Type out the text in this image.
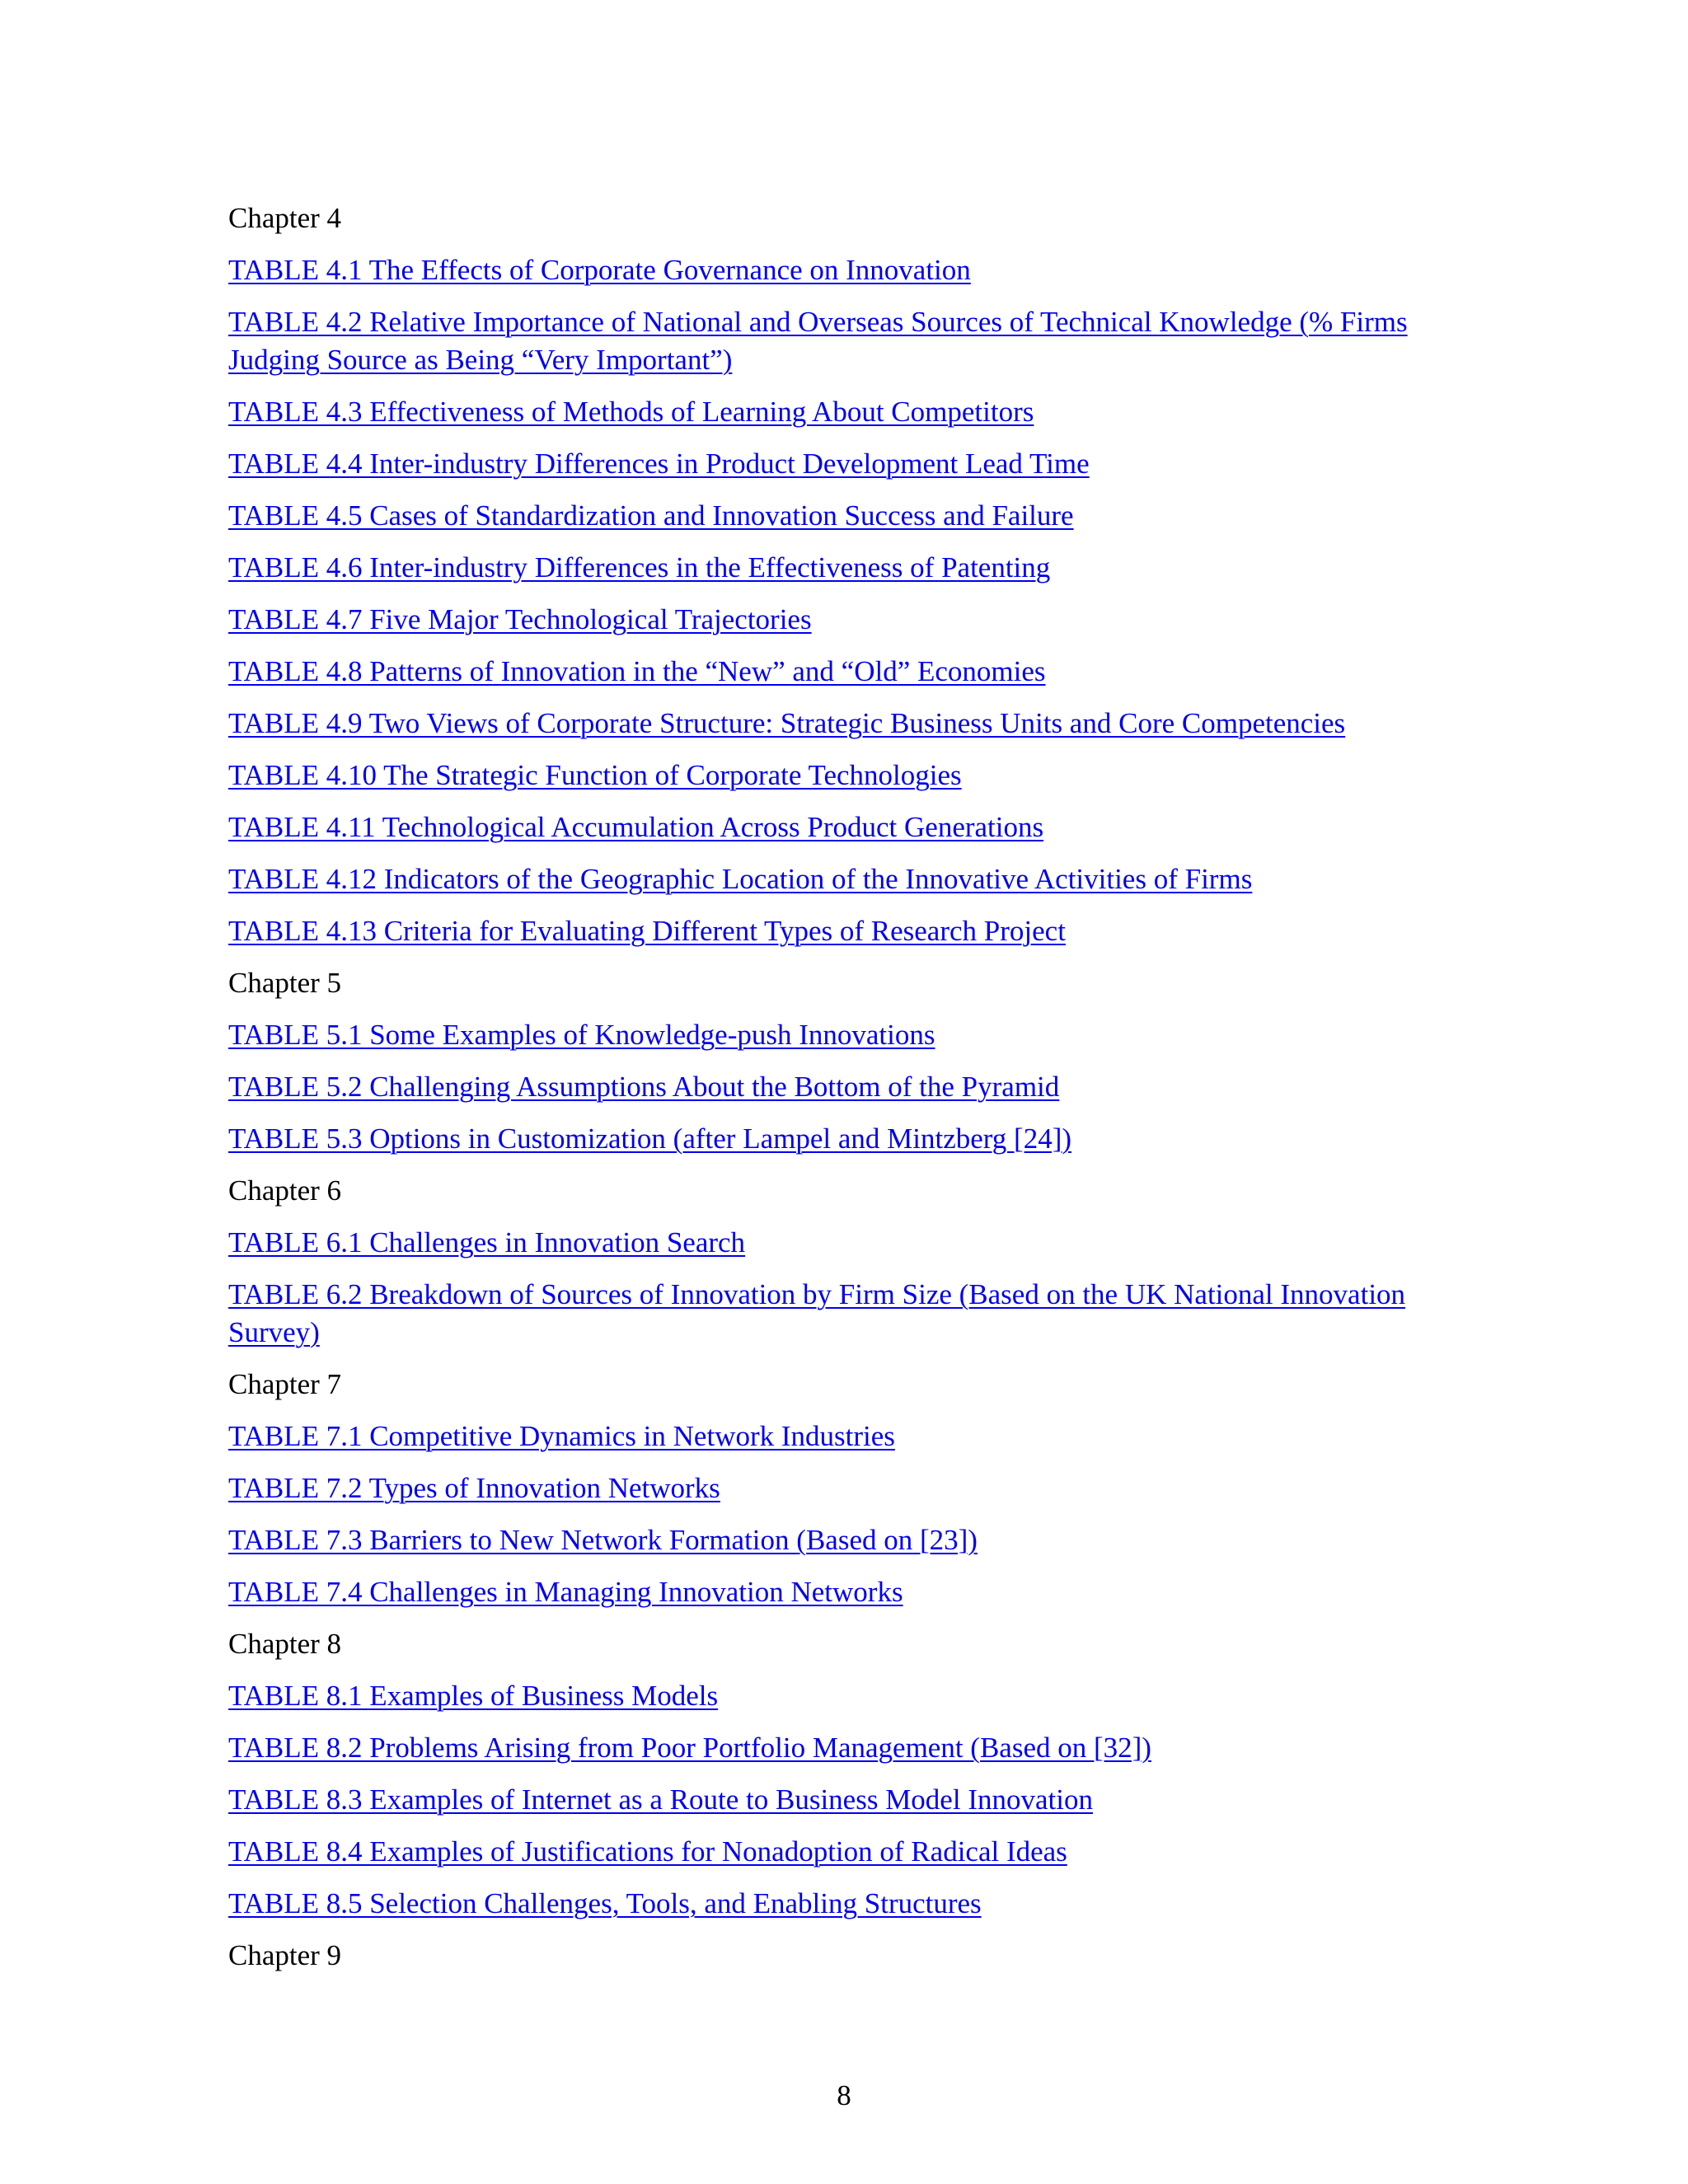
Chapter 4
TABLE 4.1 The Effects of Corporate Governance on Innovation
TABLE 4.2 Relative Importance of National and Overseas Sources of Technical Knowledge (% Firms Judging Source as Being “Very Important”)
TABLE 4.3 Effectiveness of Methods of Learning About Competitors
TABLE 4.4 Inter-industry Differences in Product Development Lead Time
TABLE 4.5 Cases of Standardization and Innovation Success and Failure
TABLE 4.6 Inter-industry Differences in the Effectiveness of Patenting
TABLE 4.7 Five Major Technological Trajectories
TABLE 4.8 Patterns of Innovation in the “New” and “Old” Economies
TABLE 4.9 Two Views of Corporate Structure: Strategic Business Units and Core Competencies
TABLE 4.10 The Strategic Function of Corporate Technologies
TABLE 4.11 Technological Accumulation Across Product Generations
TABLE 4.12 Indicators of the Geographic Location of the Innovative Activities of Firms
TABLE 4.13 Criteria for Evaluating Different Types of Research Project
Chapter 5
TABLE 5.1 Some Examples of Knowledge-push Innovations
TABLE 5.2 Challenging Assumptions About the Bottom of the Pyramid
TABLE 5.3 Options in Customization (after Lampel and Mintzberg [24])
Chapter 6
TABLE 6.1 Challenges in Innovation Search
TABLE 6.2 Breakdown of Sources of Innovation by Firm Size (Based on the UK National Innovation Survey)
Chapter 7
TABLE 7.1 Competitive Dynamics in Network Industries
TABLE 7.2 Types of Innovation Networks
TABLE 7.3 Barriers to New Network Formation (Based on [23])
TABLE 7.4 Challenges in Managing Innovation Networks
Chapter 8
TABLE 8.1 Examples of Business Models
TABLE 8.2 Problems Arising from Poor Portfolio Management (Based on [32])
TABLE 8.3 Examples of Internet as a Route to Business Model Innovation
TABLE 8.4 Examples of Justifications for Nonadoption of Radical Ideas
TABLE 8.5 Selection Challenges, Tools, and Enabling Structures
Chapter 9
8
